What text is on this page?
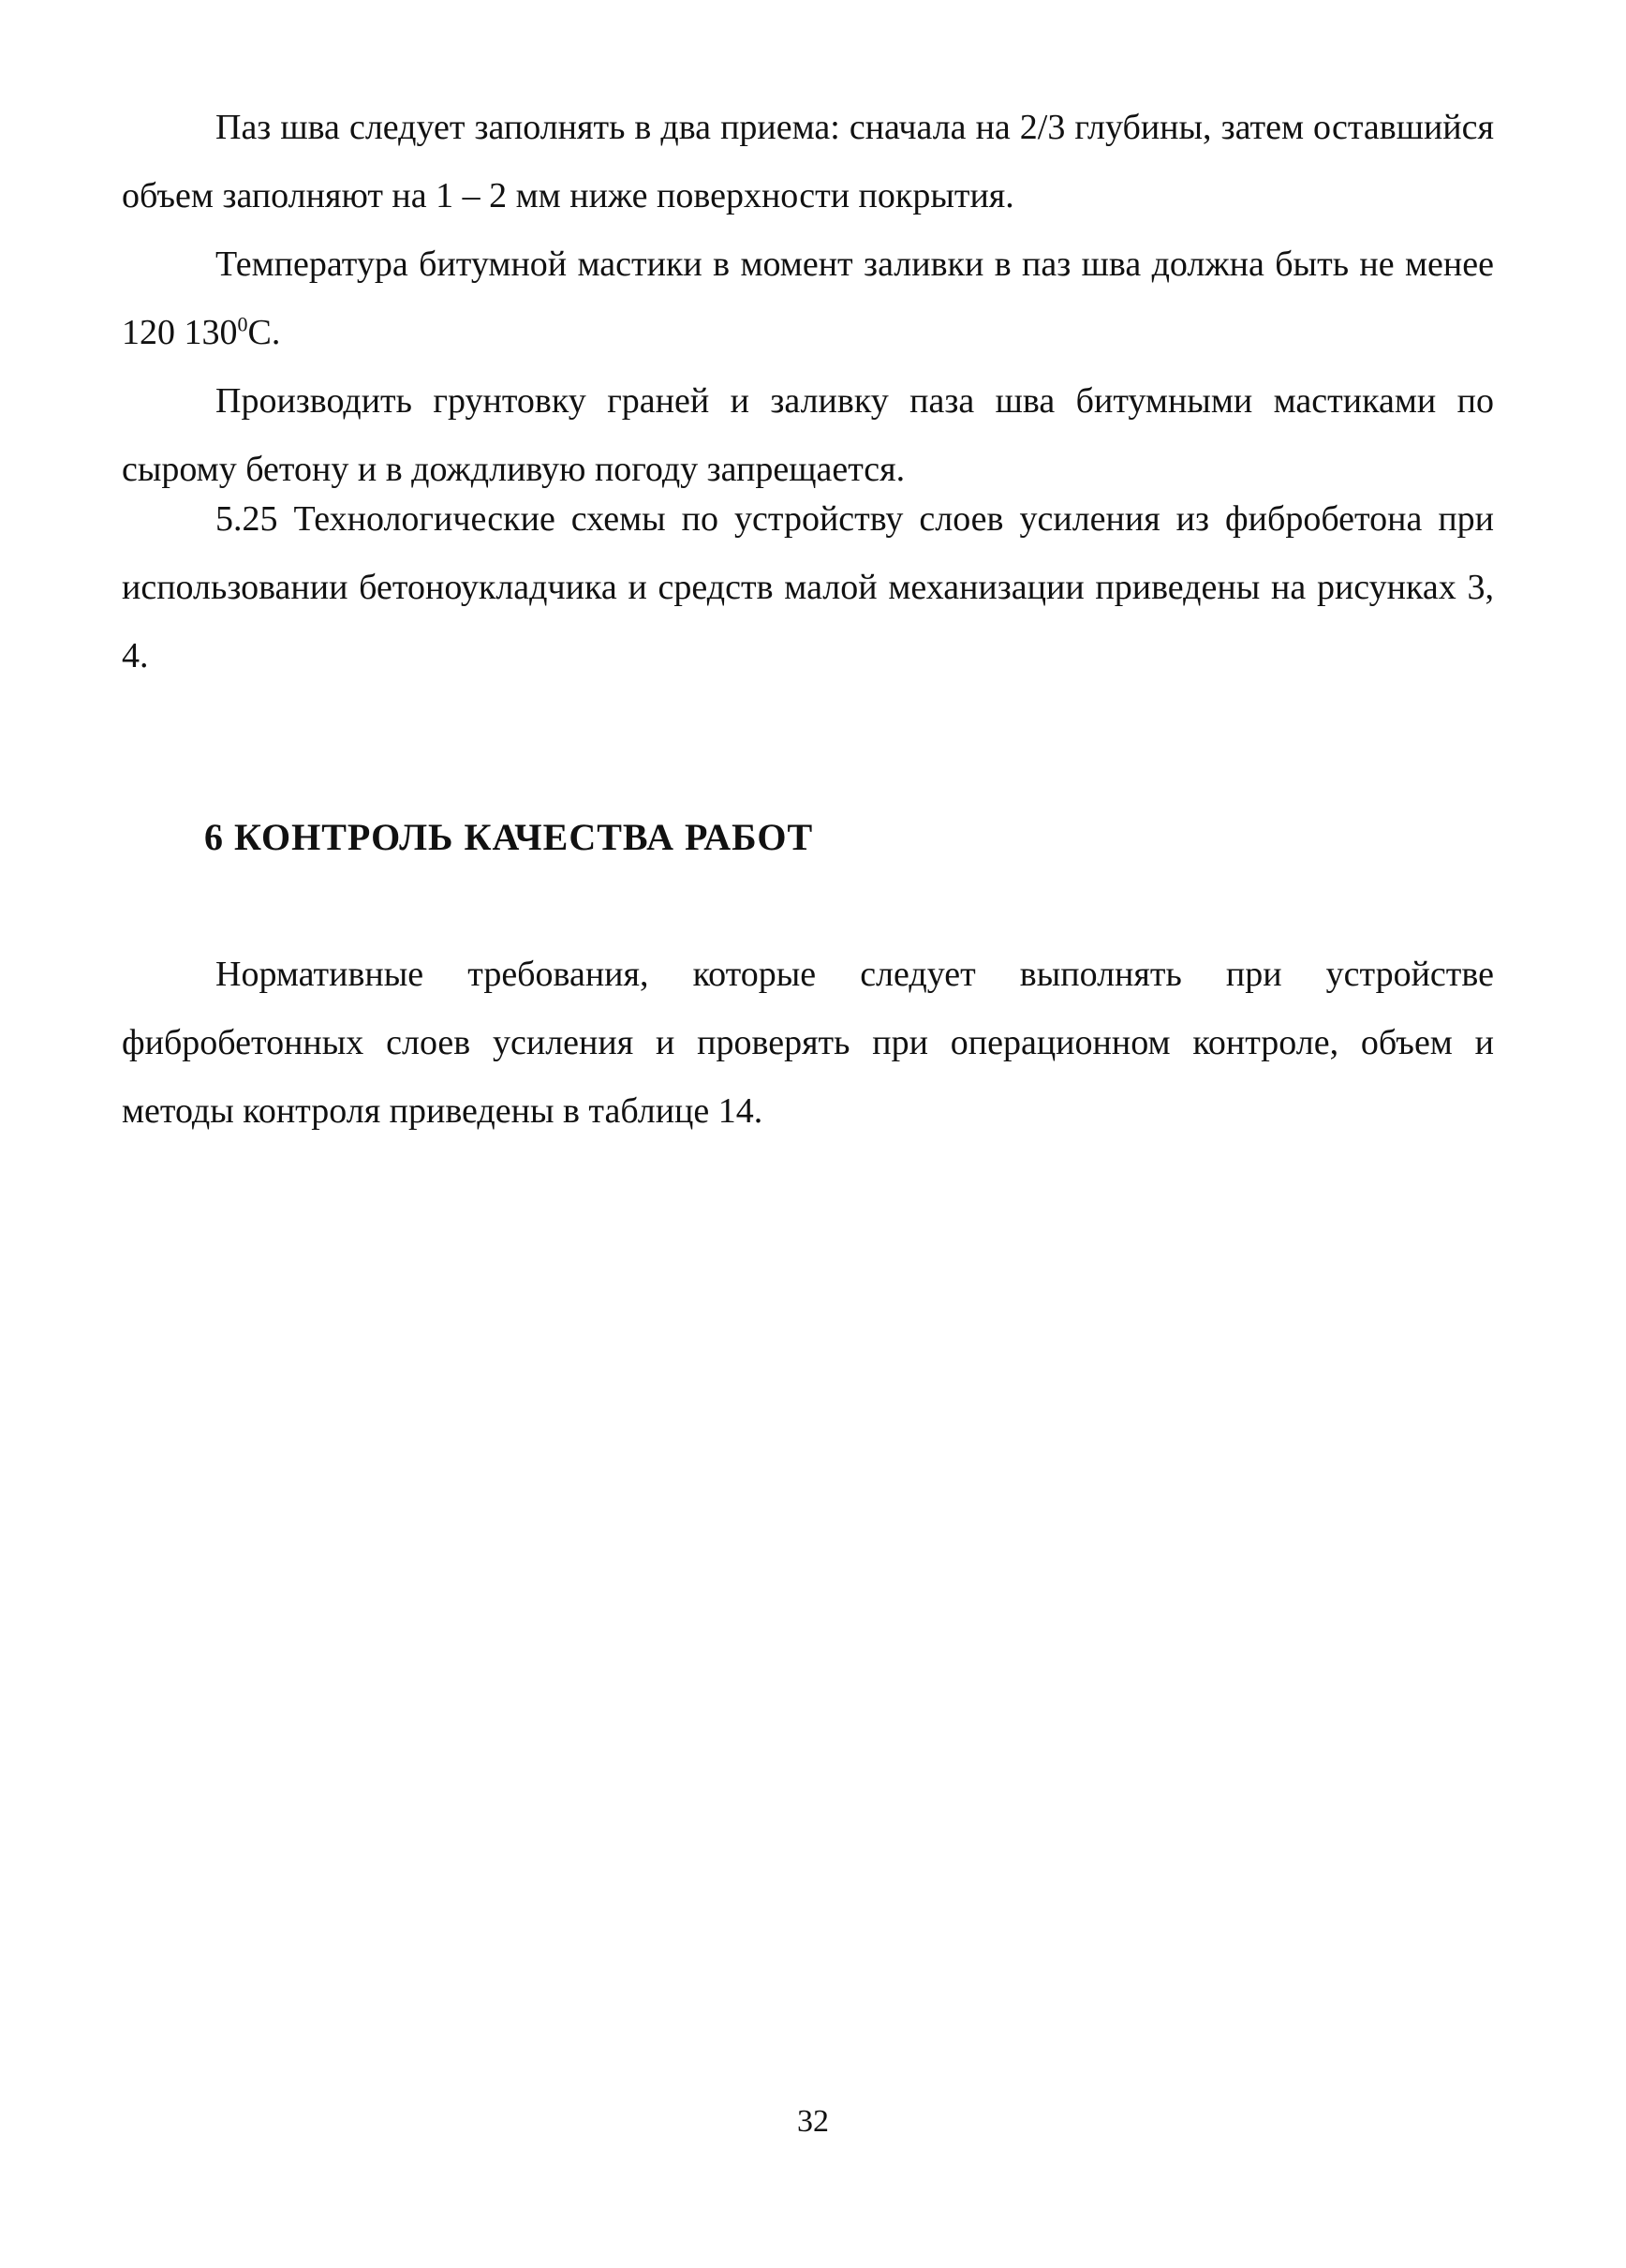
Паз шва следует заполнять в два приема: сначала на 2/3 глубины, затем оставшийся объем заполняют на 1 – 2 мм ниже поверхности покрытия.

Температура битумной мастики в момент заливки в паз шва должна быть не менее 120 $130^0С$.

Производить грунтовку граней и заливку паза шва битумными мастиками по сырому бетону и в дождливую погоду запрещается.

5.25 Технологические схемы по устройству слоев усиления из фибробетона при использовании бетоноукладчика и средств малой механизации приведены на рисунках 3, 4.

6 КОНТРОЛЬ КАЧЕСТВА РАБОТ

Нормативные требования, которые следует выполнять при устройстве фибробетонных слоев усиления и проверять при операционном контроле, объем и методы контроля приведены в таблице 14.

32
